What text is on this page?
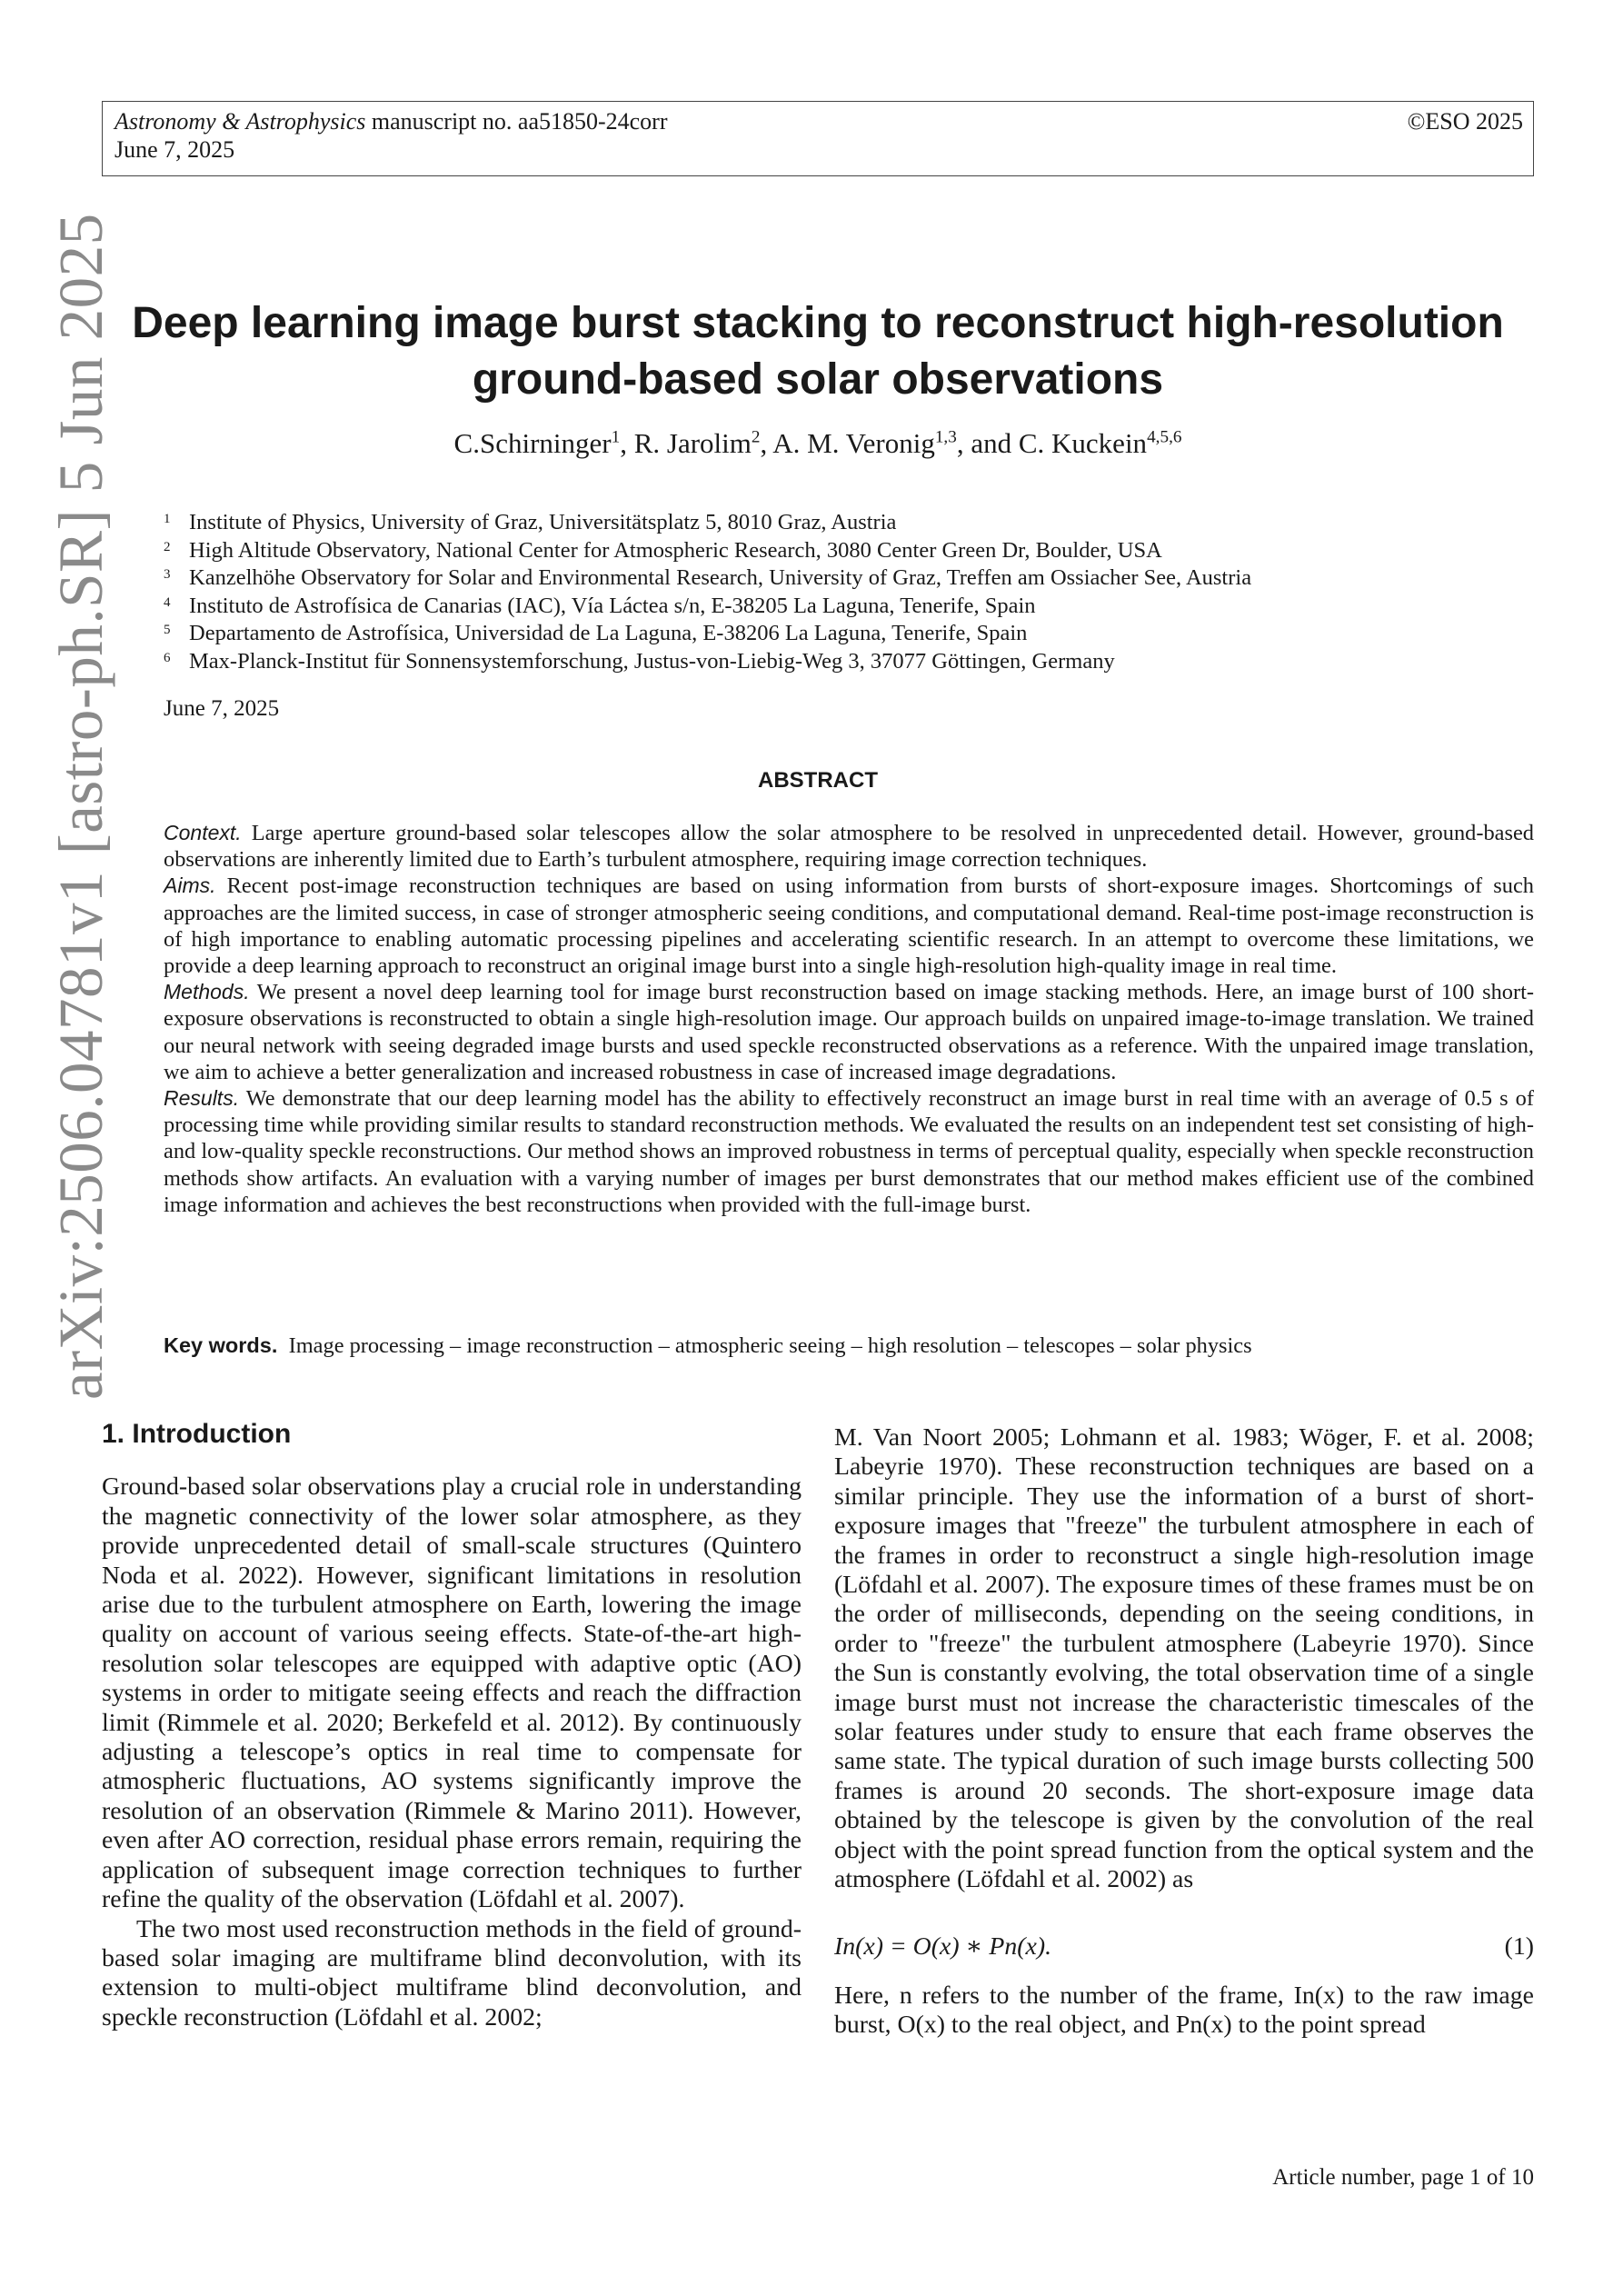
Astronomy & Astrophysics manuscript no. aa51850-24corr
June 7, 2025
©ESO 2025
arXiv:2506.04781v1 [astro-ph.SR] 5 Jun 2025 Deep learning image burst stacking to reconstruct high-resolution ground-based solar observations
C.Schirninger$^1$, R. Jarolim$^2$, A. M. Veronig$^{1,3}$, and C. Kuckein$^{4,5,6}$
1 Institute of Physics, University of Graz, Universitätsplatz 5, 8010 Graz, Austria
2 High Altitude Observatory, National Center for Atmospheric Research, 3080 Center Green Dr, Boulder, USA
3 Kanzelhöhe Observatory for Solar and Environmental Research, University of Graz, Treffen am Ossiacher See, Austria
4 Instituto de Astrofísica de Canarias (IAC), Vía Láctea s/n, E-38205 La Laguna, Tenerife, Spain
5 Departamento de Astrofísica, Universidad de La Laguna, E-38206 La Laguna, Tenerife, Spain
6 Max-Planck-Institut für Sonnensystemforschung, Justus-von-Liebig-Weg 3, 37077 Göttingen, Germany
June 7, 2025
ABSTRACT

Context. Large aperture ground-based solar telescopes allow the solar atmosphere to be resolved in unprecedented detail. However, ground-based observations are inherently limited due to Earth’s turbulent atmosphere, requiring image correction techniques.

Aims. Recent post-image reconstruction techniques are based on using information from bursts of short-exposure images. Shortcomings of such approaches are the limited success, in case of stronger atmospheric seeing conditions, and computational demand. Real-time post-image reconstruction is of high importance to enabling automatic processing pipelines and accelerating scientific research. In an attempt to overcome these limitations, we provide a deep learning approach to reconstruct an original image burst into a single high-resolution high-quality image in real time.

Methods. We present a novel deep learning tool for image burst reconstruction based on image stacking methods. Here, an image burst of 100 short-exposure observations is reconstructed to obtain a single high-resolution image. Our approach builds on unpaired image-to-image translation. We trained our neural network with seeing degraded image bursts and used speckle reconstructed observations as a reference. With the unpaired image translation, we aim to achieve a better generalization and increased robustness in case of increased image degradations.

Results. We demonstrate that our deep learning model has the ability to effectively reconstruct an image burst in real time with an average of 0.5 s of processing time while providing similar results to standard reconstruction methods. We evaluated the results on an independent test set consisting of high- and low-quality speckle reconstructions. Our method shows an improved robustness in terms of perceptual quality, especially when speckle reconstruction methods show artifacts. An evaluation with a varying number of images per burst demonstrates that our method makes efficient use of the combined image information and achieves the best reconstructions when provided with the full-image burst.

Key words. Image processing – image reconstruction – atmospheric seeing – high resolution – telescopes – solar physics
1. Introduction

Ground-based solar observations play a crucial role in understanding the magnetic connectivity of the lower solar atmosphere, as they provide unprecedented detail of small-scale structures (Quintero Noda et al. 2022). However, significant limitations in resolution arise due to the turbulent atmosphere on Earth, lowering the image quality on account of various seeing effects. State-of-the-art high-resolution solar telescopes are equipped with adaptive optic (AO) systems in order to mitigate seeing effects and reach the diffraction limit (Rimmele et al. 2020; Berkefeld et al. 2012). By continuously adjusting a telescope’s optics in real time to compensate for atmospheric fluctuations, AO systems significantly improve the resolution of an observation (Rimmele & Marino 2011). However, even after AO correction, residual phase errors remain, requiring the application of subsequent image correction techniques to further refine the quality of the observation (Löfdahl et al. 2007).

The two most used reconstruction methods in the field of ground-based solar imaging are multiframe blind deconvolution, with its extension to multi-object multiframe blind deconvolution, and speckle reconstruction (Löfdahl et al. 2002;

M. Van Noort 2005; Lohmann et al. 1983; Wöger, F. et al. 2008; Labeyrie 1970). These reconstruction techniques are based on a similar principle. They use the information of a burst of short-exposure images that "freeze" the turbulent atmosphere in each of the frames in order to reconstruct a single high-resolution image (Löfdahl et al. 2007). The exposure times of these frames must be on the order of milliseconds, depending on the seeing conditions, in order to "freeze" the turbulent atmosphere (Labeyrie 1970). Since the Sun is constantly evolving, the total observation time of a single image burst must not increase the characteristic timescales of the solar features under study to ensure that each frame observes the same state. The typical duration of such image bursts collecting 500 frames is around 20 seconds. The short-exposure image data obtained by the telescope is given by the convolution of the real object with the point spread function from the optical system and the atmosphere (Löfdahl et al. 2002) as

In(x) = O(x) ∗ Pn(x).	(1)

Here, n refers to the number of the frame, In(x) to the raw image burst, O(x) to the real object, and Pn(x) to the point spread

Article number, page 1 of 10
